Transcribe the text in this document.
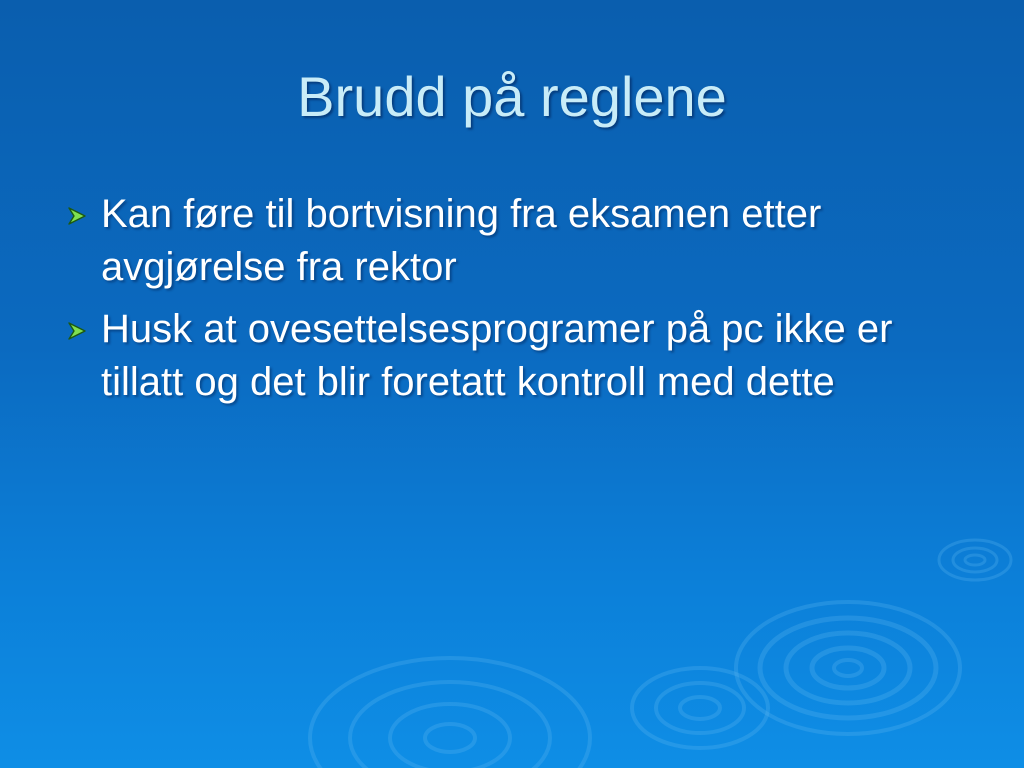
Brudd på reglene
Kan føre til bortvisning fra eksamen etter avgjørelse fra rektor
Husk at ovesettelsesprogramer på pc ikke er tillatt og det blir foretatt kontroll med dette
